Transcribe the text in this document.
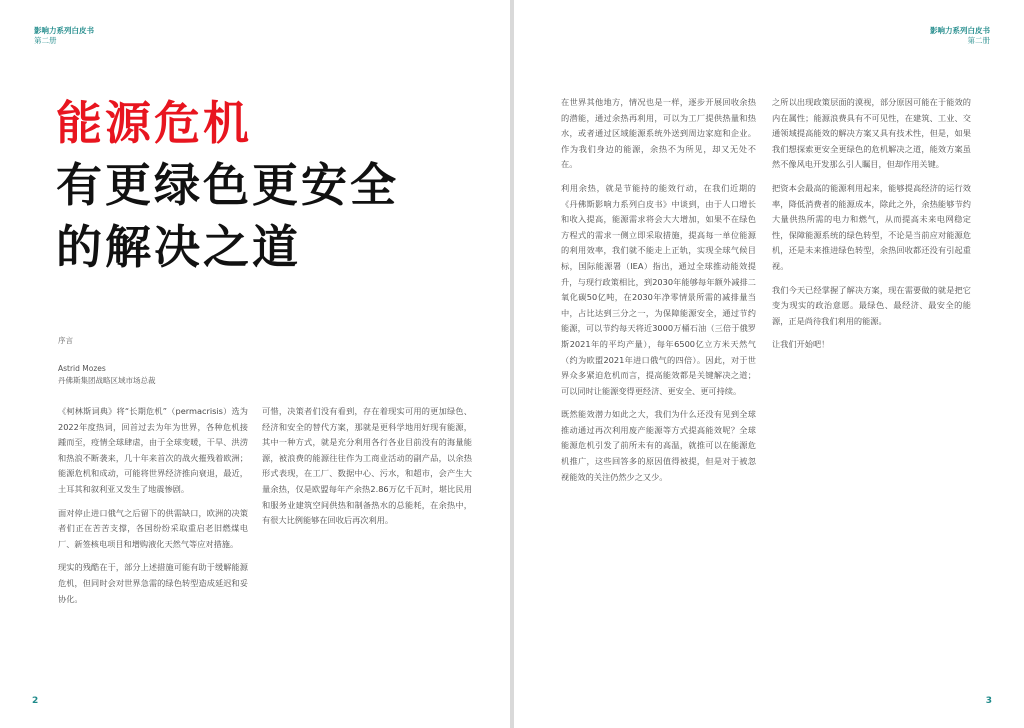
影响力系列白皮书
第二册
能源危机
有更绿色更安全
的解决之道
序言
Astrid Mozes
丹佛斯集团战略区域市场总裁

《柯林斯词典》将“长期危机”（permacrisis）选为2022年度热词，回首过去为年为世界，各种危机接踵而至，疫情全球肆虐，由于全球变暖，干旱、洪涝和热浪不断袭来，几十年来首次的战火摧残着欧洲；能源危机和成动，可能将世界经济推向衰退，最近，土耳其和叙利亚又发生了地震惨剧。

面对停止进口俄气之后留下的供需缺口，欧洲的决策者们正在苦苦支撑，各国纷纷采取重启老旧燃煤电厂、新签核电项目和增购液化天然气等应对措施。

现实的残酷在于，部分上述措施可能有助于缓解能源危机，但同时会对世界急需的绿色转型造成延迟和妥协化。

可惜，决策者们没有看到，存在着现实可用的更加绿色、经济和安全的替代方案，那就是更科学地用好现有能源，其中一种方式，就是充分利用各行各业目前没有的海量能源，被浪费的能源往往作为工商业活动的副产品，以余热形式表现，在工厂、数据中心、污水，和超市，会产生大量余热，仅是欧盟每年产余热2.86万亿千瓦时，堪比民用和服务业建筑空间供热和制备热水的总能耗，在余热中，有很大比例能够在回收后再次利用。

2
影响力系列白皮书
第二册

在世界其他地方，情况也是一样，逐步开展回收余热的潜能，通过余热再利用，可以为工厂提供热量和热水，或者通过区域能源系统外送到周边家庭和企业。作为我们身边的能源，余热不为所见，却又无处不在。

利用余热，就是节能持的能效行动，在我们近期的《丹佛斯影响力系列白皮书》中谈到，由于人口增长和收入提高，能源需求将会大大增加，如果不在绿色方程式的需求一侧立即采取措施，提高每一单位能源的利用效率，我们就不能走上正轨，实现全球气候目标，国际能源署（IEA）指出，通过全球推动能效提升，与现行政策相比，到2030年能够每年额外减排二氧化碳50亿吨，在2030年净零情景所需的减排量当中，占比达到三分之一，为保障能源安全，通过节约能源，可以节约每天将近3000万桶石油（三倍于俄罗斯2021年的平均产量），每年6500亿立方米天然气（约为欧盟2021年进口俄气的四倍）。因此，对于世界众多紧迫危机而言，提高能效都是关键解决之道；可以同时让能源变得更经济、更安全、更可持续。

既然能效潜力如此之大，我们为什么还没有见到全球推动通过再次利用废产能源等方式提高能效呢？全球能源危机引发了前所未有的高温，就推可以在能源危机推广，这些回答多的原因值得被提，但是对于被忽视能效的关注仍然少之又少。

之所以出现政策层面的漠视，部分原因可能在于能效的内在属性；能源浪费具有不可见性，在建筑、工业、交通领域提高能效的解决方案又具有技术性，但是，如果我们想探索更安全更绿色的危机解决之道，能效方案虽然不像风电开发那么引人瞩目，但却作用关键。

把资本会最高的能源利用起来，能够提高经济的运行效率，降低消费者的能源成本，除此之外，余热能够节约大量供热所需的电力和燃气，从而提高未来电网稳定性，保障能源系统的绿色转型，不论是当前应对能源危机，还是未来推进绿色转型，余热回收都还没有引起重视。

我们今天已经掌握了解决方案，现在需要做的就是把它变为现实的政治意愿。最绿色、最经济、最安全的能源，正是尚待我们利用的能源。

让我们开始吧！

3
